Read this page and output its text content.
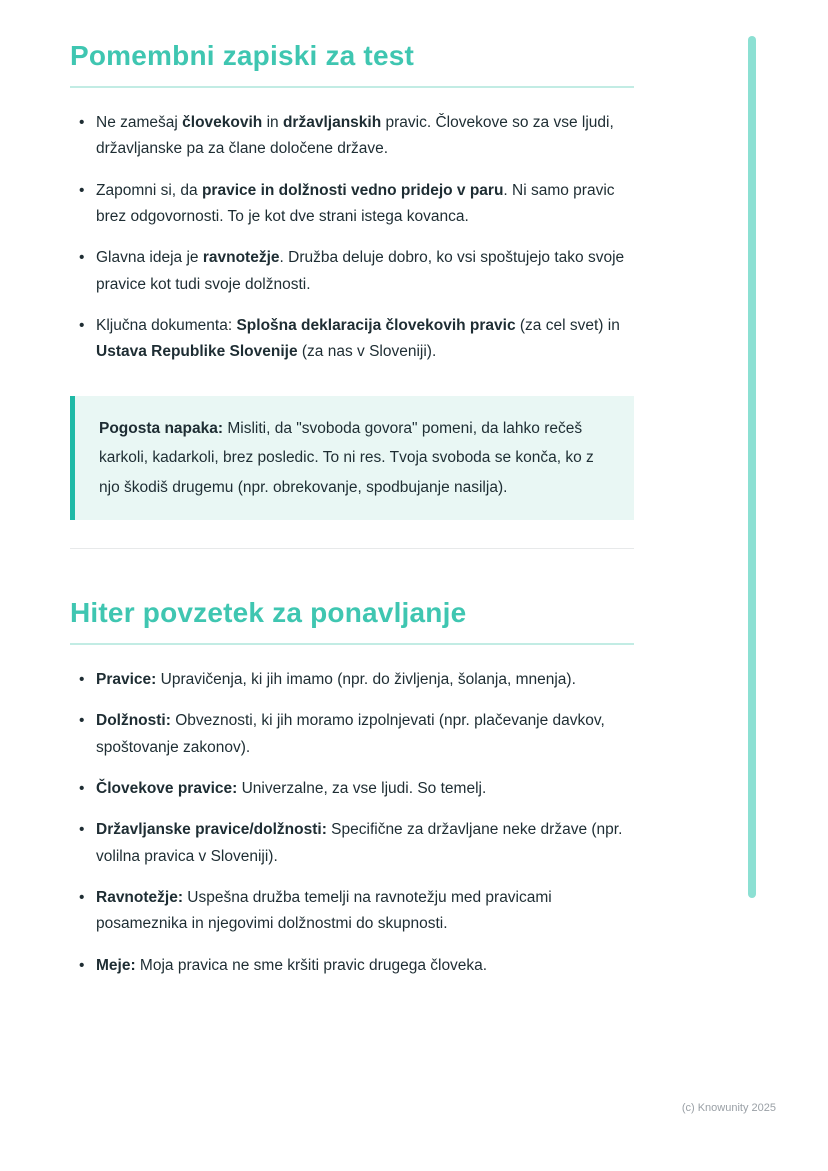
Pomembni zapiski za test
• Ne zamešaj človekovih in državljanskih pravic. Človekove so za vse ljudi, državljanske pa za člane določene države.
• Zapomni si, da pravice in dolžnosti vedno pridejo v paru. Ni samo pravic brez odgovornosti. To je kot dve strani istega kovanca.
• Glavna ideja je ravnotežje. Družba deluje dobro, ko vsi spoštujejo tako svoje pravice kot tudi svoje dolžnosti.
• Ključna dokumenta: Splošna deklaracija človekovih pravic (za cel svet) in Ustava Republike Slovenije (za nas v Sloveniji).
Pogosta napaka: Misliti, da "svoboda govora" pomeni, da lahko rečeš karkoli, kadarkoli, brez posledic. To ni res. Tvoja svoboda se konča, ko z njo škodiš drugemu (npr. obrekovanje, spodbujanje nasilja).
Hiter povzetek za ponavljanje
• Pravice: Upravičenja, ki jih imamo (npr. do življenja, šolanja, mnenja).
• Dolžnosti: Obveznosti, ki jih moramo izpolnjevati (npr. plačevanje davkov, spoštovanje zakonov).
• Človekove pravice: Univerzalne, za vse ljudi. So temelj.
• Državljanske pravice/dolžnosti: Specifične za državljane neke države (npr. volilna pravica v Sloveniji).
• Ravnotežje: Uspešna družba temelji na ravnotežju med pravicami posameznika in njegovimi dolžnostmi do skupnosti.
• Meje: Moja pravica ne sme kršiti pravic drugega človeka.
(c) Knowunity 2025
